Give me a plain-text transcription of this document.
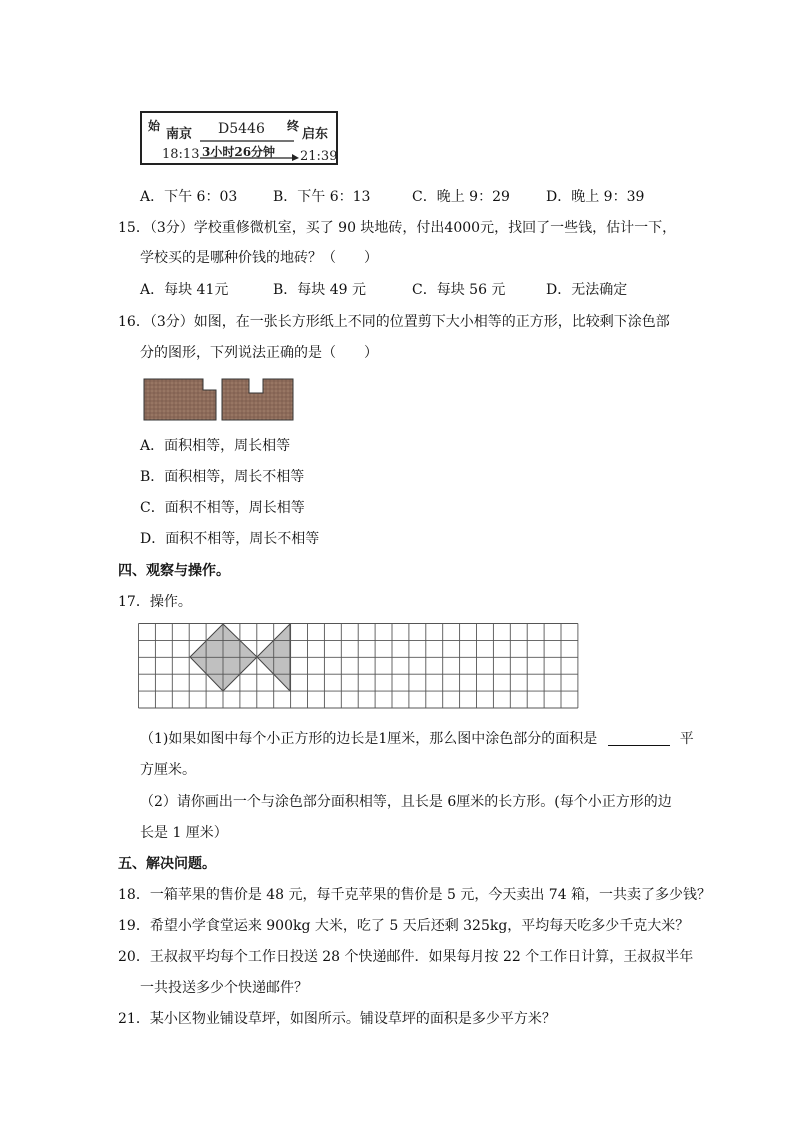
始
南京 D5446 终
启东
18:13 3小时26分钟 21:39
A．下午 6：03	B．下午 6：13	C．晚上 9：29	D．晚上 9：39
15．（3分）学校重修微机室，买了 90 块地砖，付出4000元，找回了一些钱，估计一下，
学校买的是哪种价钱的地砖？（　　）
A．每块 41元	B．每块 49 元	C．每块 56 元	D．无法确定
16．（3分）如图，在一张长方形纸上不同的位置剪下大小相等的正方形，比较剩下涂色部
分的图形，下列说法正确的是（　　）
A．面积相等，周长相等
B．面积相等，周长不相等
C．面积不相等，周长相等
D．面积不相等，周长不相等
四、观察与操作。
17．操作。
（1)如果如图中每个小正方形的边长是1厘米，那么图中涂色部分的面积是	平
方厘米。
（2）请你画出一个与涂色部分面积相等，且长是 6厘米的长方形。(每个小正方形的边
长是 1 厘米）
五、解决问题。
18．一箱苹果的售价是 48 元，每千克苹果的售价是 5 元，今天卖出 74 箱，一共卖了多少钱？
19．希望小学食堂运来 900kg 大米，吃了 5 天后还剩 325kg，平均每天吃多少千克大米？
20．王叔叔平均每个工作日投送 28 个快递邮件．如果每月按 22 个工作日计算，王叔叔半年
一共投送多少个快递邮件？
21．某小区物业铺设草坪，如图所示。铺设草坪的面积是多少平方米？
